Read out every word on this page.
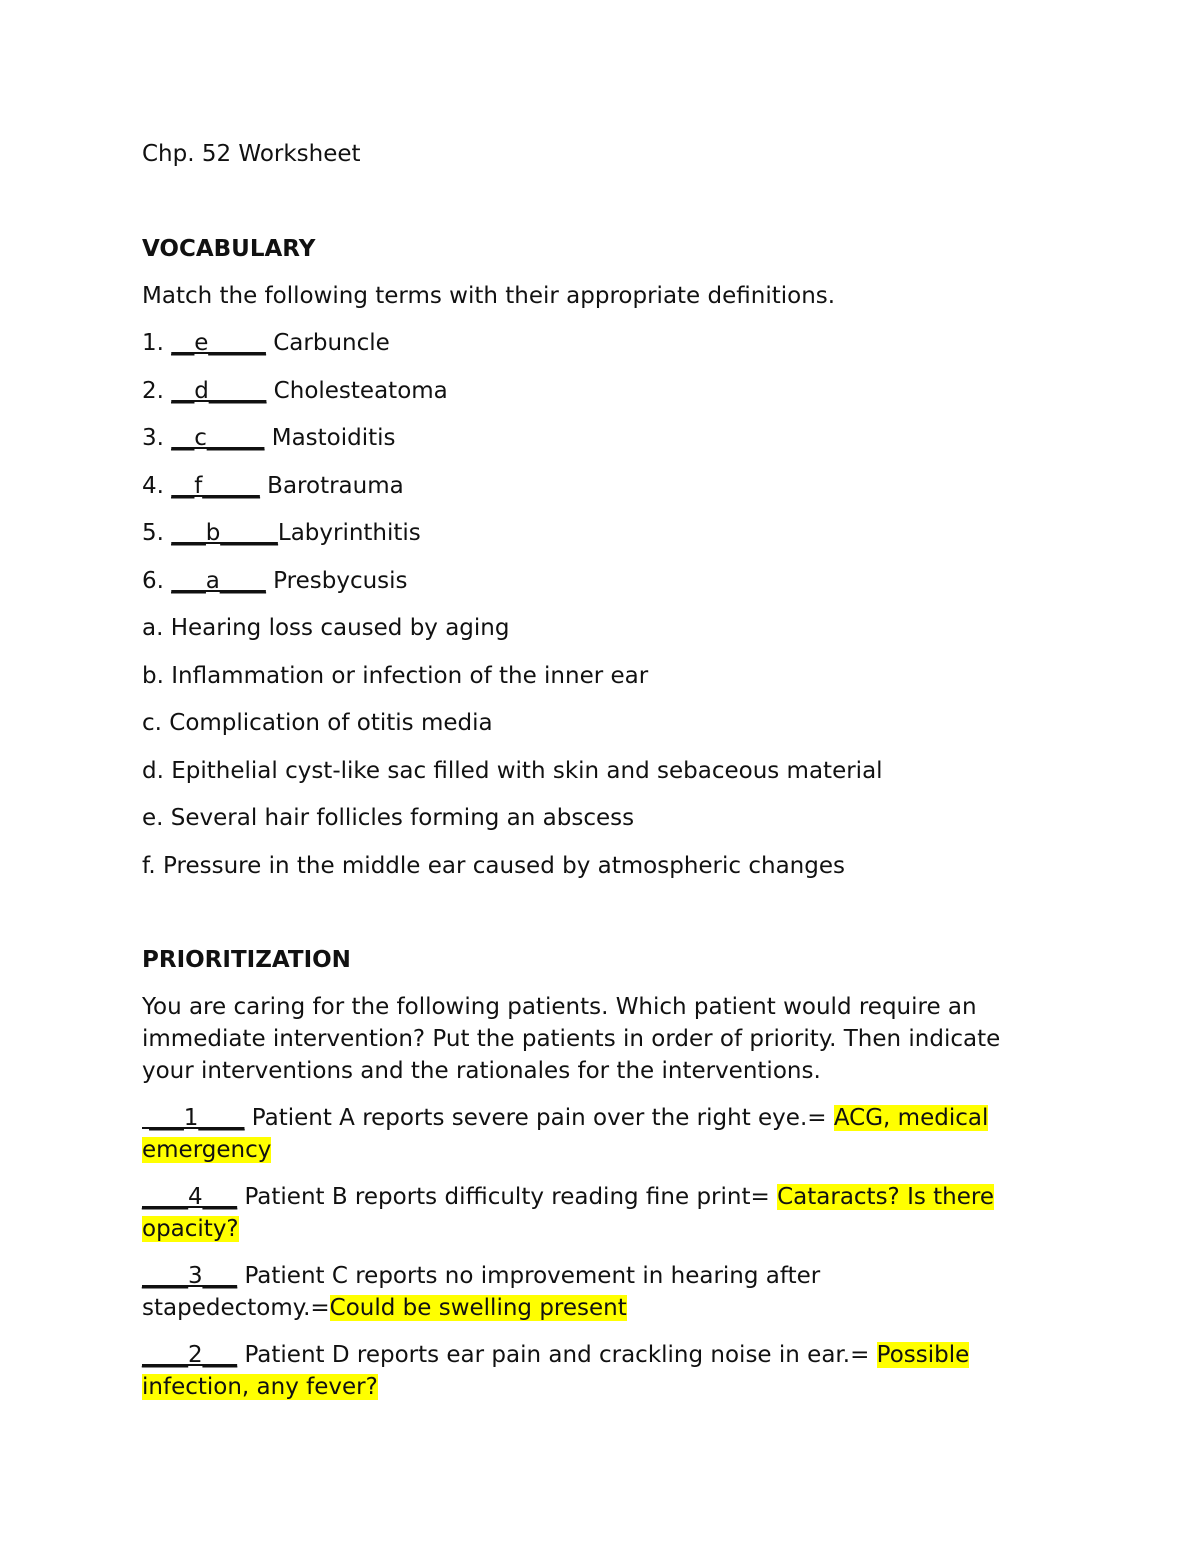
Chp. 52 Worksheet
VOCABULARY
Match the following terms with their appropriate definitions.
1. __e_____ Carbuncle
2. __d_____ Cholesteatoma
3. __c_____ Mastoiditis
4. __f_____ Barotrauma
5. ___b_____Labyrinthitis
6. ___a____ Presbycusis
a. Hearing loss caused by aging
b. Inflammation or infection of the inner ear
c. Complication of otitis media
d. Epithelial cyst-like sac filled with skin and sebaceous material
e. Several hair follicles forming an abscess
f. Pressure in the middle ear caused by atmospheric changes
PRIORITIZATION
You are caring for the following patients. Which patient would require an immediate intervention? Put the patients in order of priority. Then indicate your interventions and the rationales for the interventions.
___1____ Patient A reports severe pain over the right eye.= ACG, medical emergency
____4___ Patient B reports difficulty reading fine print= Cataracts? Is there opacity?
____3___ Patient C reports no improvement in hearing after stapedectomy.=Could be swelling present
____2___ Patient D reports ear pain and crackling noise in ear.= Possible infection, any fever?
